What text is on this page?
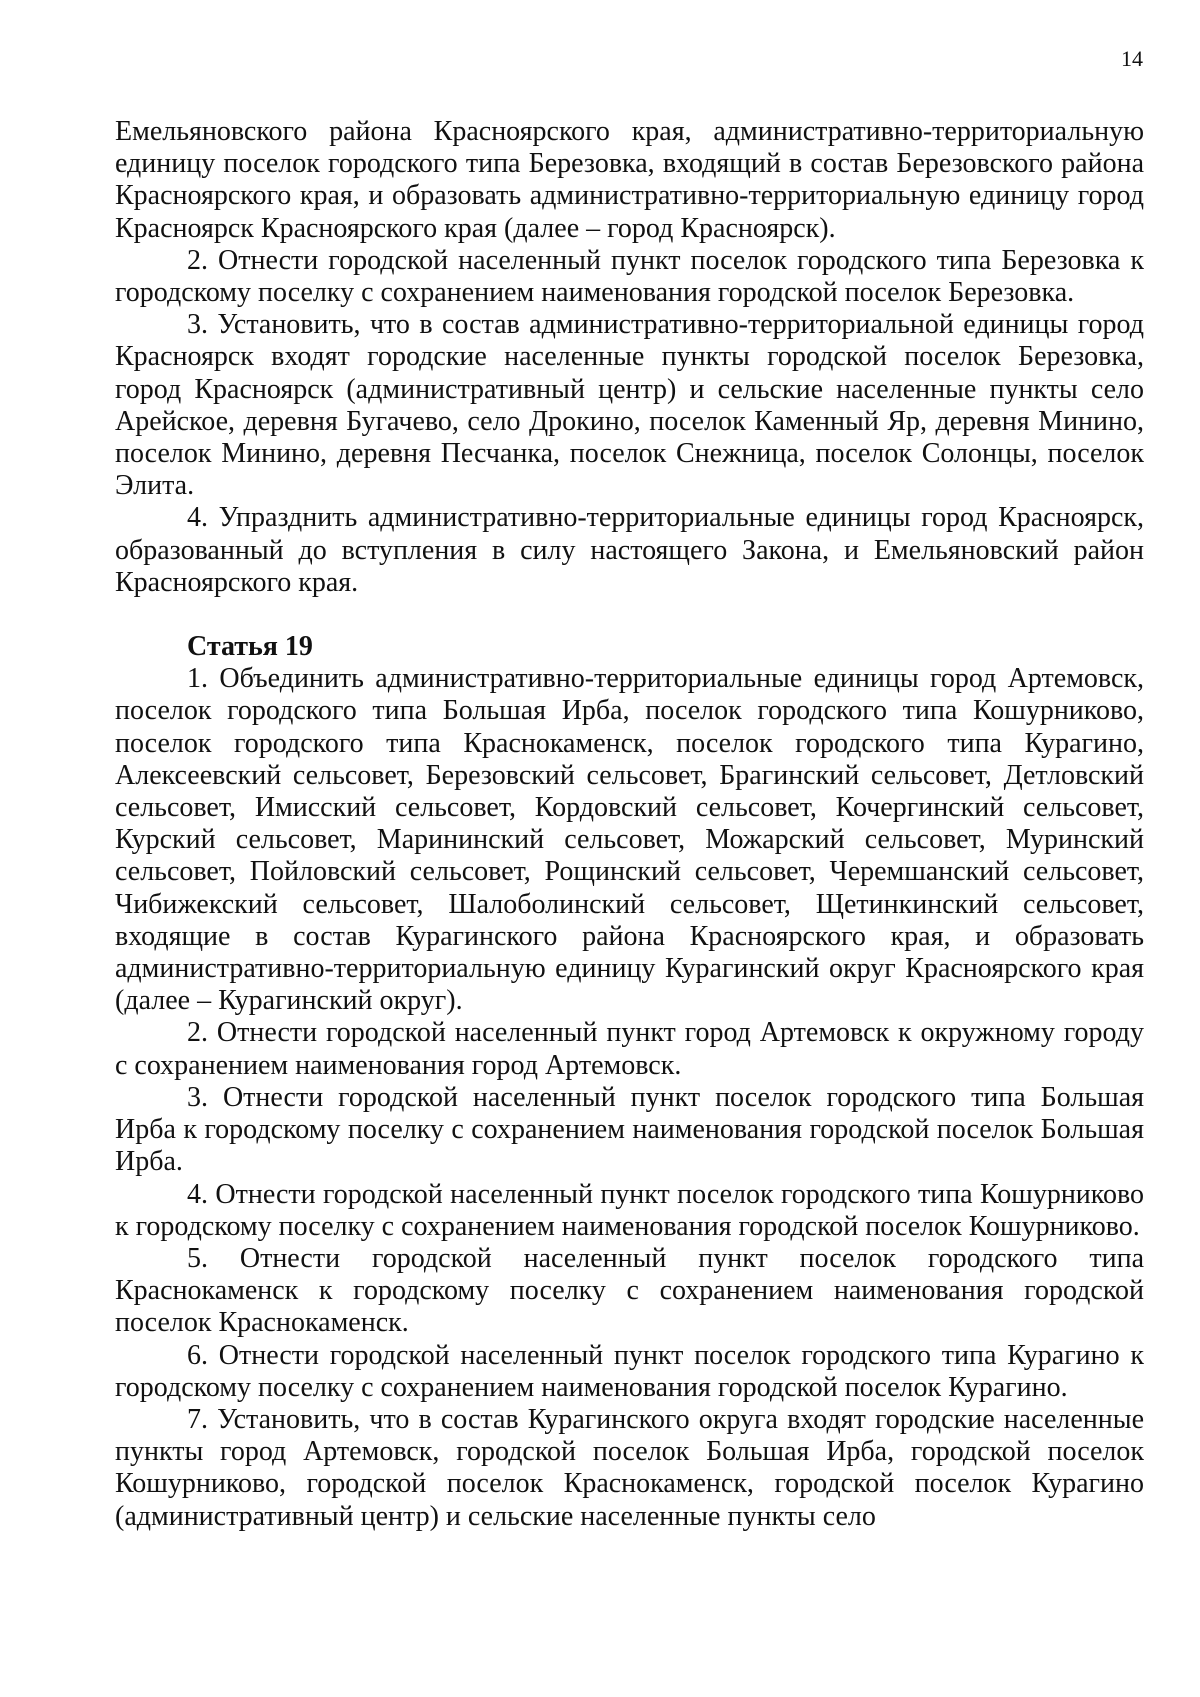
14

Емельяновского района Красноярского края, административно-территориальную единицу поселок городского типа Березовка, входящий в состав Березовского района Красноярского края, и образовать административно-территориальную единицу город Красноярск Красноярского края (далее – город Красноярск).

2. Отнести городской населенный пункт поселок городского типа Березовка к городскому поселку с сохранением наименования городской поселок Березовка.

3. Установить, что в состав административно-территориальной единицы город Красноярск входят городские населенные пункты городской поселок Березовка, город Красноярск (административный центр) и сельские населенные пункты село Арейское, деревня Бугачево, село Дрокино, поселок Каменный Яр, деревня Минино, поселок Минино, деревня Песчанка, поселок Снежница, поселок Солонцы, поселок Элита.

4. Упразднить административно-территориальные единицы город Красноярск, образованный до вступления в силу настоящего Закона, и Емельяновский район Красноярского края.

Статья 19

1. Объединить административно-территориальные единицы город Артемовск, поселок городского типа Большая Ирба, поселок городского типа Кошурниково, поселок городского типа Краснокаменск, поселок городского типа Курагино, Алексеевский сельсовет, Березовский сельсовет, Брагинский сельсовет, Детловский сельсовет, Имисский сельсовет, Кордовский сельсовет, Кочергинский сельсовет, Курский сельсовет, Марининский сельсовет, Можарский сельсовет, Муринский сельсовет, Пойловский сельсовет, Рощинский сельсовет, Черемшанский сельсовет, Чибижекский сельсовет, Шалоболинский сельсовет, Щетинкинский сельсовет, входящие в состав Курагинского района Красноярского края, и образовать административно-территориальную единицу Курагинский округ Красноярского края (далее – Курагинский округ).

2. Отнести городской населенный пункт город Артемовск к окружному городу с сохранением наименования город Артемовск.

3. Отнести городской населенный пункт поселок городского типа Большая Ирба к городскому поселку с сохранением наименования городской поселок Большая Ирба.

4. Отнести городской населенный пункт поселок городского типа Кошурниково к городскому поселку с сохранением наименования городской поселок Кошурниково.

5. Отнести городской населенный пункт поселок городского типа Краснокаменск к городскому поселку с сохранением наименования городской поселок Краснокаменск.

6. Отнести городской населенный пункт поселок городского типа Курагино к городскому поселку с сохранением наименования городской поселок Курагино.

7. Установить, что в состав Курагинского округа входят городские населенные пункты город Артемовск, городской поселок Большая Ирба, городской поселок Кошурниково, городской поселок Краснокаменск, городской поселок Курагино (административный центр) и сельские населенные пункты село
